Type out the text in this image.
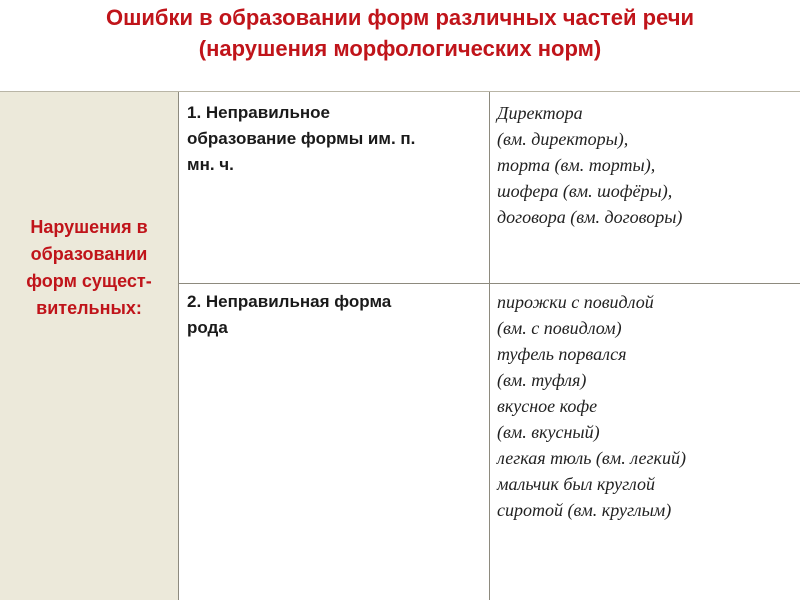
Ошибки в образовании форм различных частей речи
(нарушения морфологических норм)
Нарушения в
образовании
форм сущест-
вительных:
1. Неправильное
образование формы им. п.
мн. ч.
Директора
(вм. директоры),
торта (вм. торты),
шофера (вм. шофёры),
договора (вм. договоры)
2. Неправильная форма
рода
пирожки с повидлой
(вм. с повидлом)
туфель порвался
(вм. туфля)
вкусное кофе
(вм. вкусный)
легкая тюль (вм. легкий)
мальчик был круглой
сиротой (вм. круглым)
